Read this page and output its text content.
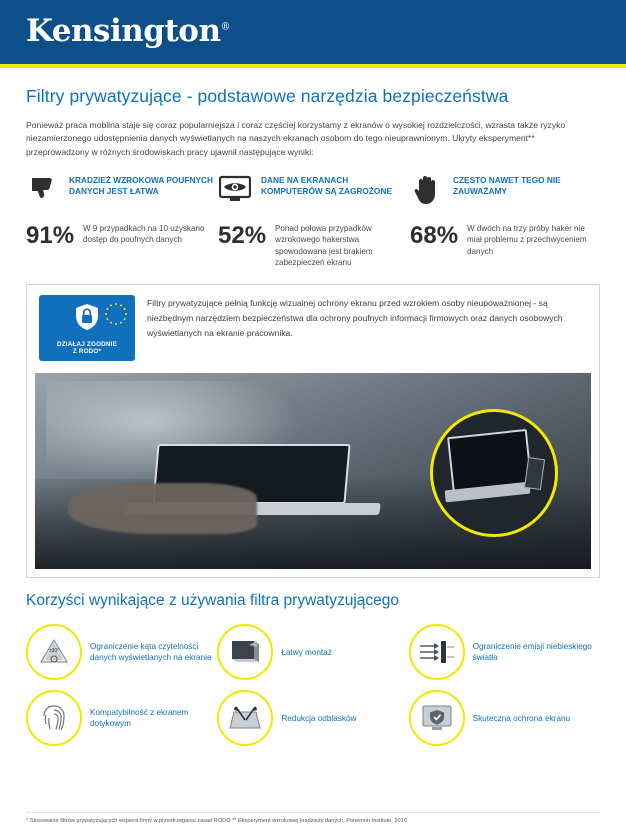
Kensington®
Filtry prywatyzujące - podstawowe narzędzia bezpieczeństwa

Ponieważ praca mobilna staje się coraz popularniejsza i coraz częściej korzystamy z ekranów o wysokiej rozdzielczości, wzrasta także ryzyko niezamierzonego udostępnienia danych wyświetlanych na naszych ekranach osobom do tego nieuprawnionym. Ukryty eksperyment** przeprowadzony w różnych środowiskach pracy ujawnił następujące wyniki:

KRADZIEŻ WZROKOWA POUFNYCH DANYCH JEST ŁATWA
91% W 9 przypadkach na 10 uzyskano dostęp do poufnych danych
DANE NA EKRANACH KOMPUTERÓW SĄ ZAGROŻONE
52% Ponad połowa przypadków wzrokowego hakerstwa spowodowana jest brakiem zabezpieczeń ekranu
CZĘSTO NAWET TEGO NIE ZAUWAŻAMY
68% W dwóch na trzy próby haker nie miał problemu z przechwyceniem danych
DZIAŁAJ ZGODNIE
Z RODO*
Filtry prywatyzujące pełnią funkcję wizualnej ochrony ekranu przed wzrokiem osoby nieupoważnionej - są niezbędnym narzędziem bezpieczeństwa dla ochrony poufnych informacji firmowych oraz danych osobowych wyświetlanych na ekranie pracownika.
Korzyści wynikające z używania filtra prywatyzującego
±30°
Ograniczenie kąta czytelności danych wyświetlanych na ekranie
Łatwy montaż
Ograniczenie emisji niebieskiego światła
Kompatybilność z ekranem dotykowym
Redukcja odblasków	Skuteczna ochrona ekranu
* Stosowanie filtrów prywatyzujących wspiera firmy w przestrzeganiu zasad RODO ** Eksperyment wzrokowej kradzieży danych, Ponemon Institute, 2016
